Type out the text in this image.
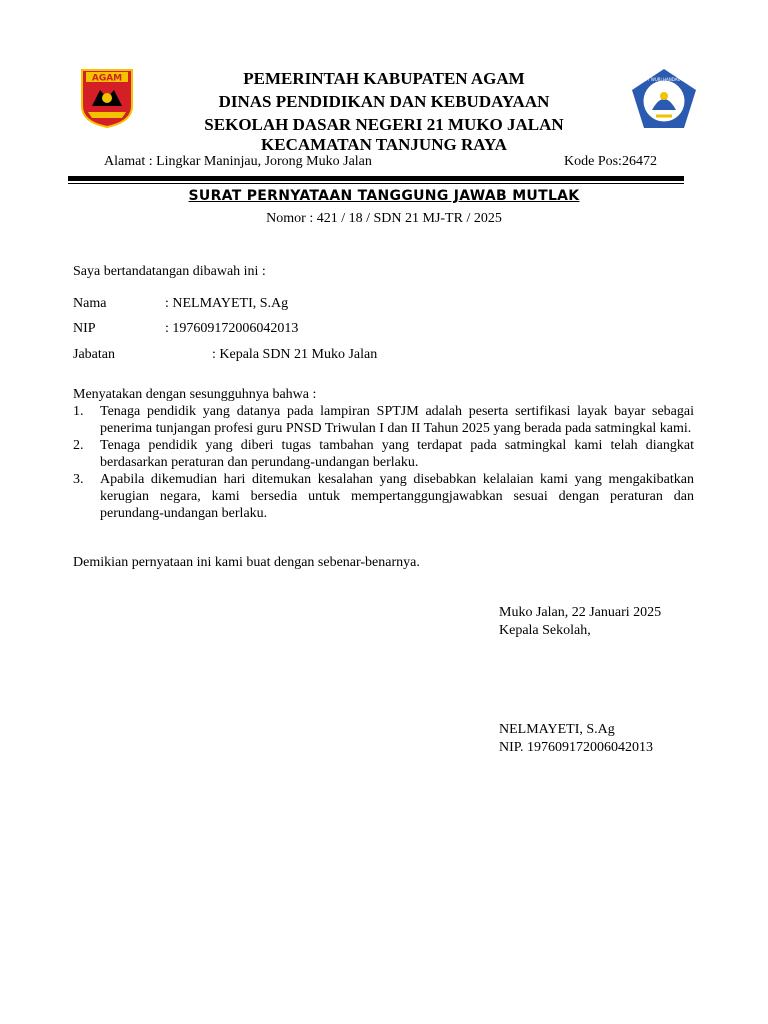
AGAM	TUT WURI HANDAYANI
PEMERINTAH KABUPATEN AGAM
DINAS PENDIDIKAN DAN KEBUDAYAAN
SEKOLAH DASAR NEGERI 21 MUKO JALAN
KECAMATAN TANJUNG RAYA
Alamat : Lingkar Maninjau, Jorong Muko Jalan	Kode Pos:26472
SURAT PERNYATAAN TANGGUNG JAWAB MUTLAK
Nomor : 421 / 18 / SDN 21 MJ-TR / 2025
Saya bertandatangan dibawah ini :
Nama	: NELMAYETI, S.Ag
NIP	: 197609172006042013
Jabatan	: Kepala SDN 21 Muko Jalan
Menyatakan dengan sesungguhnya bahwa :
1.	Tenaga pendidik yang datanya pada lampiran SPTJM adalah peserta sertifikasi layak bayar sebagai penerima tunjangan profesi guru PNSD Triwulan I dan II Tahun 2025 yang berada pada satmingkal kami.
2.	Tenaga pendidik yang diberi tugas tambahan yang terdapat pada satmingkal kami telah diangkat berdasarkan peraturan dan perundang-undangan berlaku.
3.	Apabila dikemudian hari ditemukan kesalahan yang disebabkan kelalaian kami yang mengakibatkan kerugian negara, kami bersedia untuk mempertanggungjawabkan sesuai dengan peraturan dan perundang-undangan berlaku.
Demikian pernyataan ini kami buat dengan sebenar-benarnya.
Muko Jalan, 22 Januari 2025
Kepala Sekolah,
NELMAYETI, S.Ag
NIP. 197609172006042013
